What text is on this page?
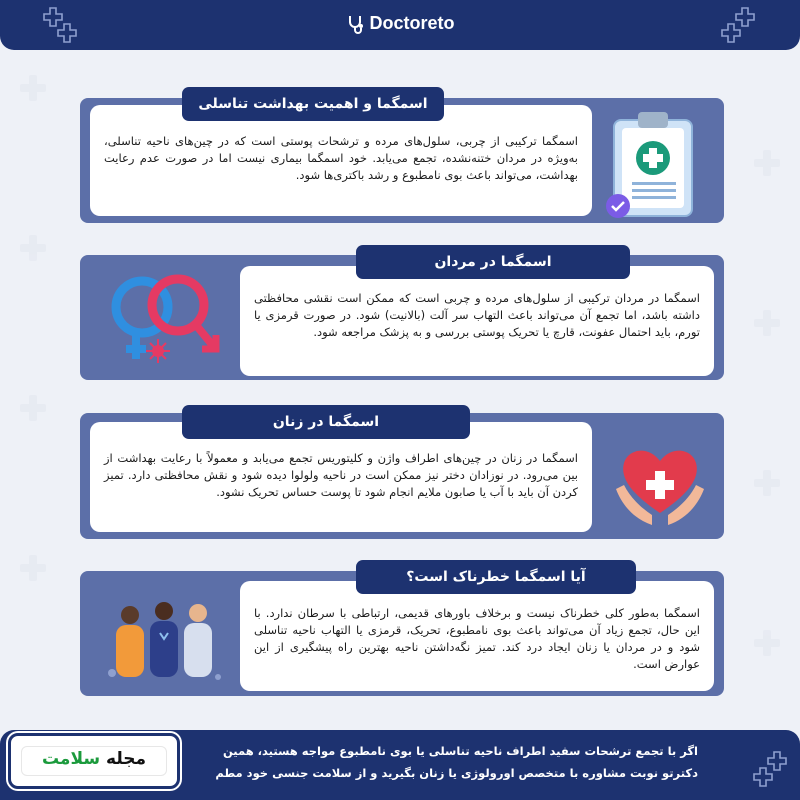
Doctoreto
اسمگما ترکیبی از چربی، سلول‌های مرده و ترشحات پوستی است که در چین‌های ناحیه تناسلی، به‌ویژه در مردان ختنه‌نشده، تجمع می‌یابد. خود اسمگما بیماری نیست اما در صورت عدم رعایت بهداشت، می‌تواند باعث بوی نامطبوع و رشد باکتری‌ها شود.
اسمگما و اهمیت بهداشت تناسلی
اسمگما در مردان ترکیبی از سلول‌های مرده و چربی است که ممکن است نقشی محافظتی داشته باشد، اما تجمع آن می‌تواند باعث التهاب سر آلت (بالانیت) شود. در صورت قرمزی یا تورم، باید احتمال عفونت، قارچ یا تحریک پوستی بررسی و به پزشک مراجعه شود.
اسمگما در مردان
اسمگما در زنان در چین‌های اطراف واژن و کلیتوریس تجمع می‌یابد و معمولاً با رعایت بهداشت از بین می‌رود. در نوزادان دختر نیز ممکن است در ناحیه ولولوا دیده شود و نقش محافظتی دارد. تمیز کردن آن باید با آب یا صابون ملایم انجام شود تا پوست حساس تحریک نشود.
اسمگما در زنان
اسمگما به‌طور کلی خطرناک نیست و برخلاف باورهای قدیمی، ارتباطی با سرطان ندارد. با این حال، تجمع زیاد آن می‌تواند باعث بوی نامطبوع، تحریک، قرمزی یا التهاب ناحیه تناسلی شود و در مردان یا زنان ایجاد درد کند. تمیز نگه‌داشتن ناحیه بهترین راه پیشگیری از این عوارض است.
آیا اسمگما خطرناک است؟
اگر با تجمع ترشحات سفید اطراف ناحیه تناسلی یا بوی نامطبوع مواجه هستید، همین
دکترتو نوبت مشاوره با متخصص اورولوژی یا زنان بگیرید و از سلامت جنسی خود مطم
مجله سلامت
